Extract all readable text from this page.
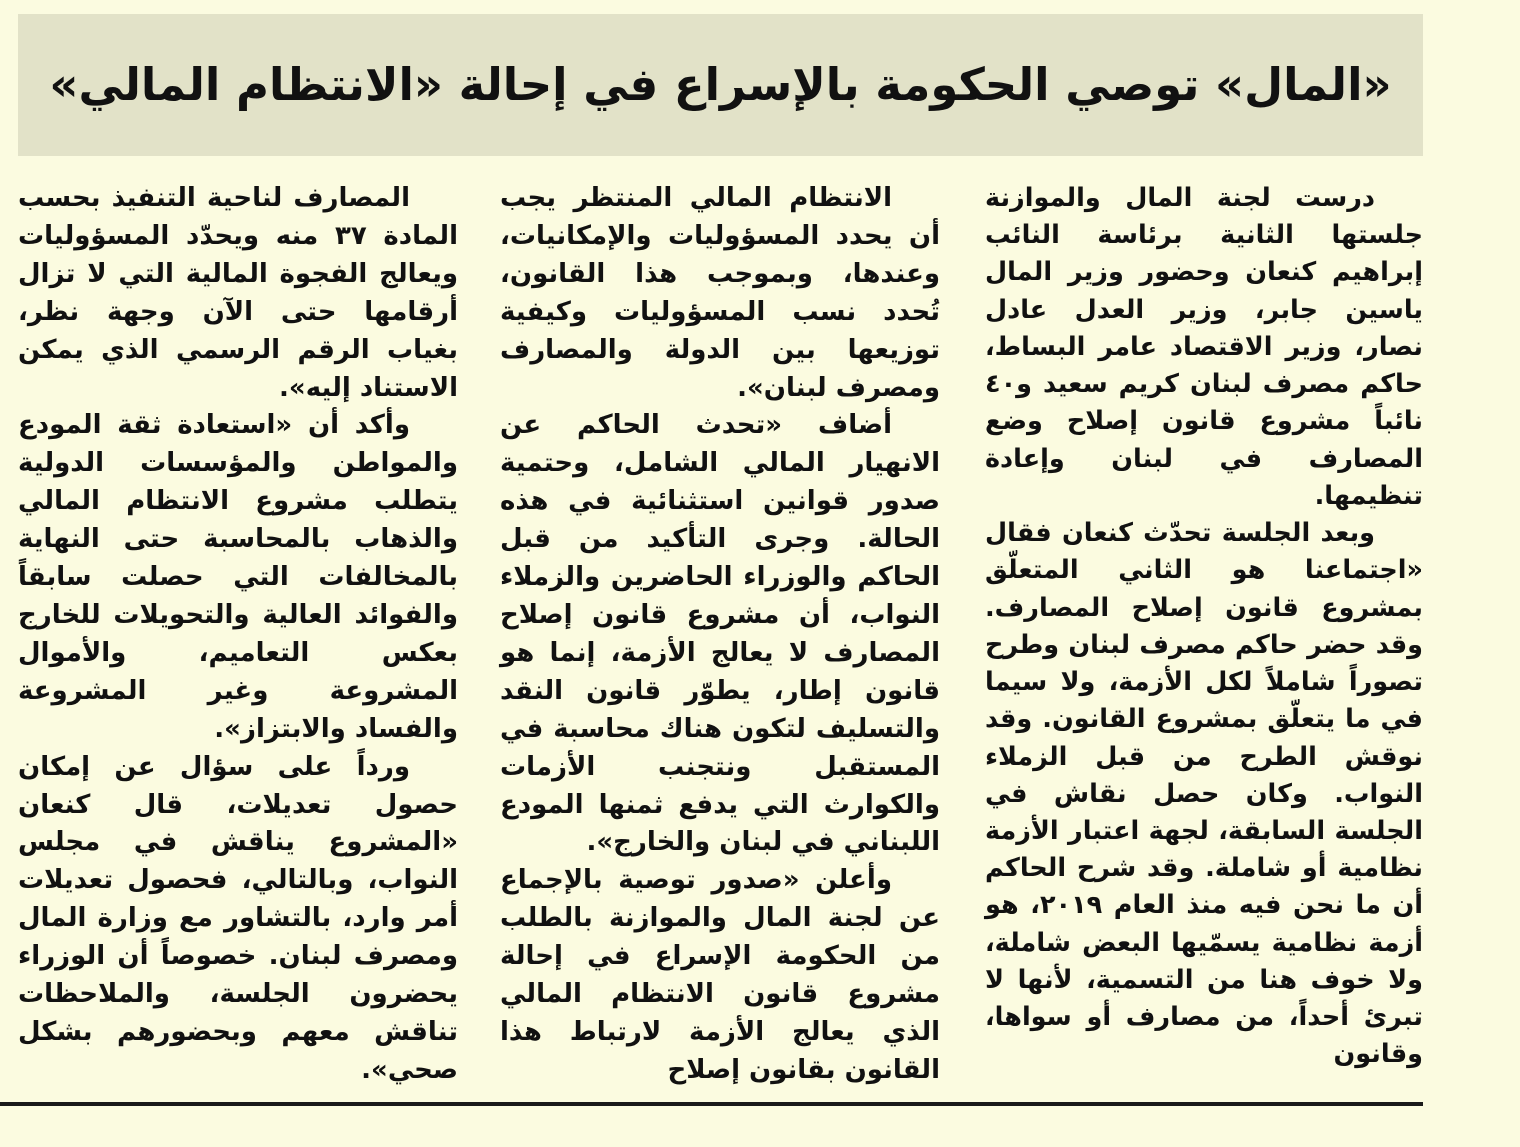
«المال» توصي الحكومة بالإسراع في إحالة «الانتظام المالي»

درست لجنة المال والموازنة جلستها الثانية برئاسة النائب إبراهيم كنعان وحضور وزير المال ياسين جابر، وزير العدل عادل نصار، وزير الاقتصاد عامر البساط، حاكم مصرف لبنان كريم سعيد و٤٠ نائباً مشروع قانون إصلاح وضع المصارف في لبنان وإعادة تنظيمها.

وبعد الجلسة تحدّث كنعان فقال «اجتماعنا هو الثاني المتعلّق بمشروع قانون إصلاح المصارف. وقد حضر حاكم مصرف لبنان وطرح تصوراً شاملاً لكل الأزمة، ولا سيما في ما يتعلّق بمشروع القانون. وقد نوقش الطرح من قبل الزملاء النواب. وكان حصل نقاش في الجلسة السابقة، لجهة اعتبار الأزمة نظامية أو شاملة. وقد شرح الحاكم أن ما نحن فيه منذ العام ٢٠١٩، هو أزمة نظامية يسمّيها البعض شاملة، ولا خوف هنا من التسمية، لأنها لا تبرئ أحداً، من مصارف أو سواها، وقانون

الانتظام المالي المنتظر يجب أن يحدد المسؤوليات والإمكانيات، وعندها، وبموجب هذا القانون، تُحدد نسب المسؤوليات وكيفية توزيعها بين الدولة والمصارف ومصرف لبنان».

أضاف «تحدث الحاكم عن الانهيار المالي الشامل، وحتمية صدور قوانين استثنائية في هذه الحالة. وجرى التأكيد من قبل الحاكم والوزراء الحاضرين والزملاء النواب، أن مشروع قانون إصلاح المصارف لا يعالج الأزمة، إنما هو قانون إطار، يطوّر قانون النقد والتسليف لتكون هناك محاسبة في المستقبل ونتجنب الأزمات والكوارث التي يدفع ثمنها المودع اللبناني في لبنان والخارج».

وأعلن «صدور توصية بالإجماع عن لجنة المال والموازنة بالطلب من الحكومة الإسراع في إحالة مشروع قانون الانتظام المالي الذي يعالج الأزمة لارتباط هذا القانون بقانون إصلاح

المصارف لناحية التنفيذ بحسب المادة ٣٧ منه ويحدّد المسؤوليات ويعالج الفجوة المالية التي لا تزال أرقامها حتى الآن وجهة نظر، بغياب الرقم الرسمي الذي يمكن الاستناد إليه».

وأكد أن «استعادة ثقة المودع والمواطن والمؤسسات الدولية يتطلب مشروع الانتظام المالي والذهاب بالمحاسبة حتى النهاية بالمخالفات التي حصلت سابقاً والفوائد العالية والتحويلات للخارج بعكس التعاميم، والأموال المشروعة وغير المشروعة والفساد والابتزاز».

ورداً على سؤال عن إمكان حصول تعديلات، قال كنعان «المشروع يناقش في مجلس النواب، وبالتالي، فحصول تعديلات أمر وارد، بالتشاور مع وزارة المال ومصرف لبنان. خصوصاً أن الوزراء يحضرون الجلسة، والملاحظات تناقش معهم وبحضورهم بشكل صحي».
